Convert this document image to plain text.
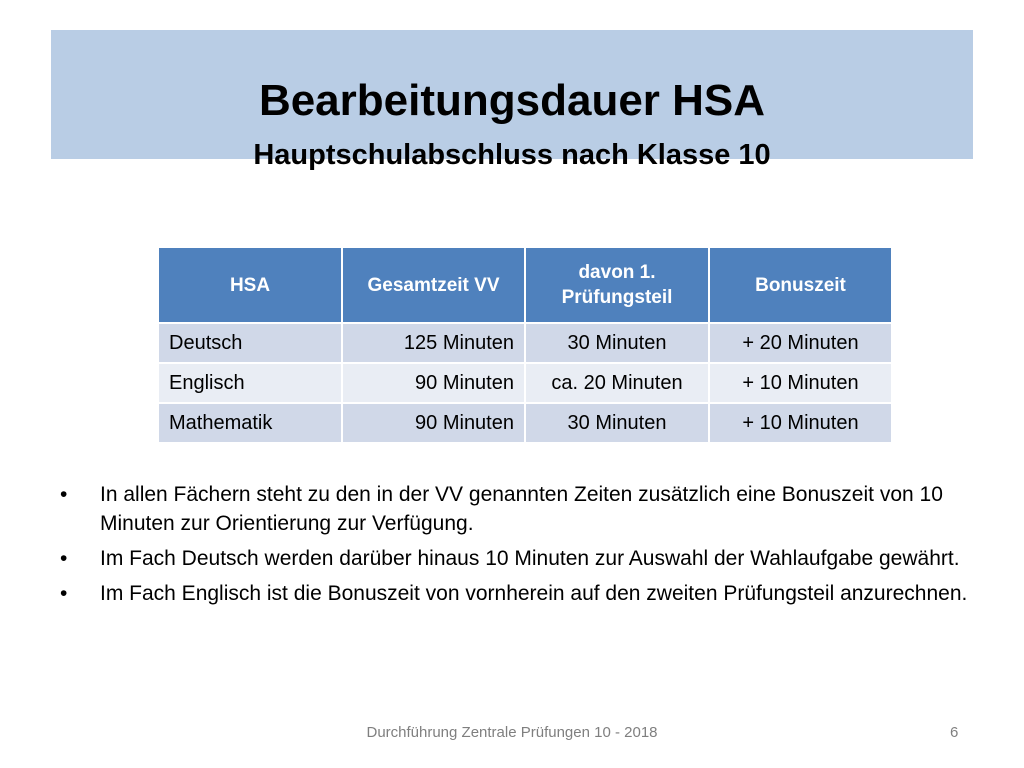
Bearbeitungsdauer HSA
Hauptschulabschluss nach Klasse 10
HSA	Gesamtzeit VV	davon 1. Prüfungsteil	Bonuszeit
Deutsch	125 Minuten	30 Minuten	+ 20 Minuten
Englisch	90 Minuten	ca. 20 Minuten	+ 10 Minuten
Mathematik	90 Minuten	30 Minuten	+ 10 Minuten
•	In allen Fächern steht zu den in der VV genannten Zeiten zusätzlich eine Bonuszeit von 10 Minuten zur Orientierung zur Verfügung.
•	Im Fach Deutsch werden darüber hinaus 10 Minuten zur Auswahl der Wahlaufgabe gewährt.
•	Im Fach Englisch ist die Bonuszeit von vornherein auf den zweiten Prüfungsteil anzurechnen.
Durchführung Zentrale Prüfungen 10 - 2018	6
